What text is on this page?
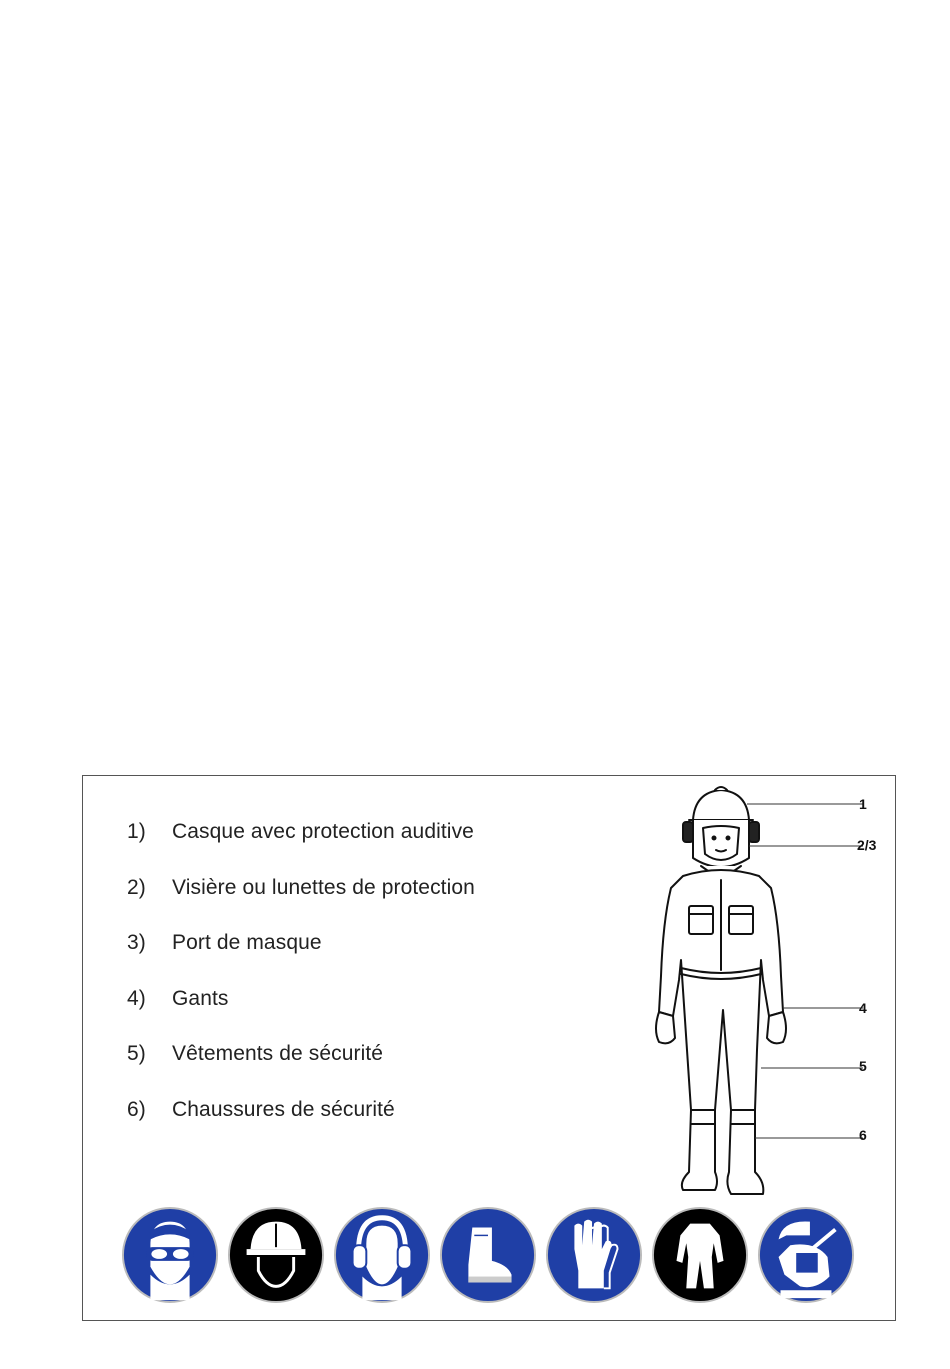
1)	Casque avec protection auditive
2)	Visière ou lunettes de protection
3)	Port de masque
4)	Gants
5)	Vêtements de sécurité
6)	Chaussures de sécurité
1
2/3
4
5
6
